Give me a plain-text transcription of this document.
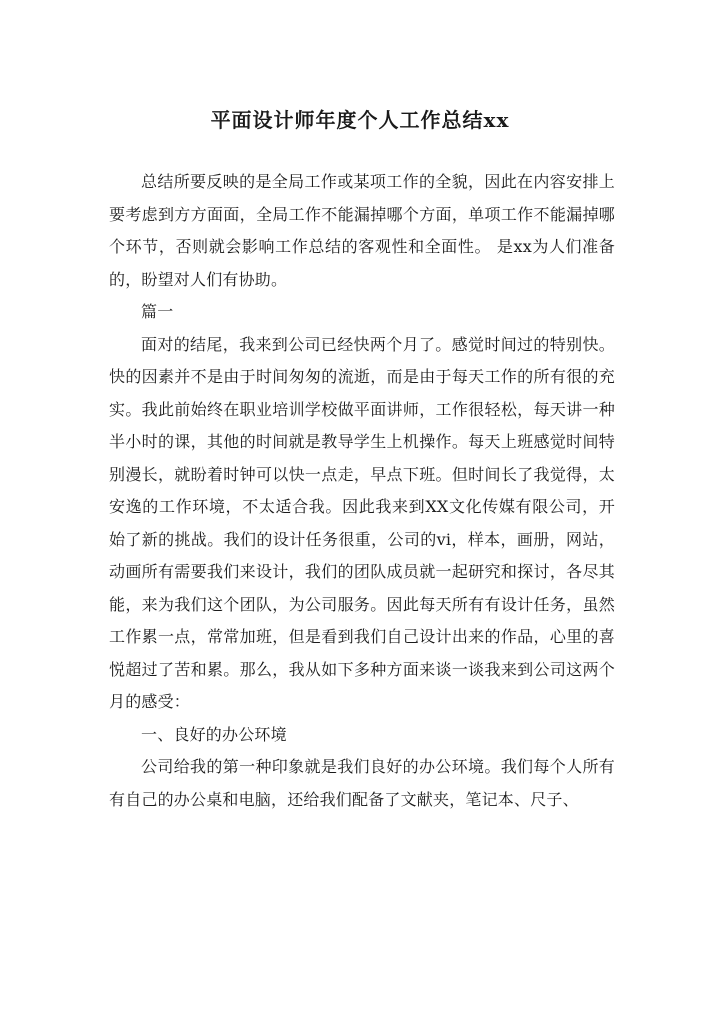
平面设计师年度个人工作总结xx

总结所要反映的是全局工作或某项工作的全貌，因此在内容安排上要考虑到方方面面，全局工作不能漏掉哪个方面，单项工作不能漏掉哪个环节，否则就会影响工作总结的客观性和全面性。 是xx为人们准备的，盼望对人们有协助。

篇一

面对的结尾，我来到公司已经快两个月了。感觉时间过的特别快。快的因素并不是由于时间匆匆的流逝，而是由于每天工作的所有很的充实。我此前始终在职业培训学校做平面讲师，工作很轻松，每天讲一种半小时的课，其他的时间就是教导学生上机操作。每天上班感觉时间特别漫长，就盼着时钟可以快一点走，早点下班。但时间长了我觉得，太安逸的工作环境，不太适合我。因此我来到XX文化传媒有限公司，开始了新的挑战。我们的设计任务很重，公司的vi，样本，画册，网站，动画所有需要我们来设计，我们的团队成员就一起研究和探讨，各尽其能，来为我们这个团队，为公司服务。因此每天所有有设计任务，虽然工作累一点，常常加班，但是看到我们自己设计出来的作品，心里的喜悦超过了苦和累。那么，我从如下多种方面来谈一谈我来到公司这两个月的感受：

一、良好的办公环境

公司给我的第一种印象就是我们良好的办公环境。我们每个人所有有自己的办公桌和电脑，还给我们配备了文献夹，笔记本、尺子、
